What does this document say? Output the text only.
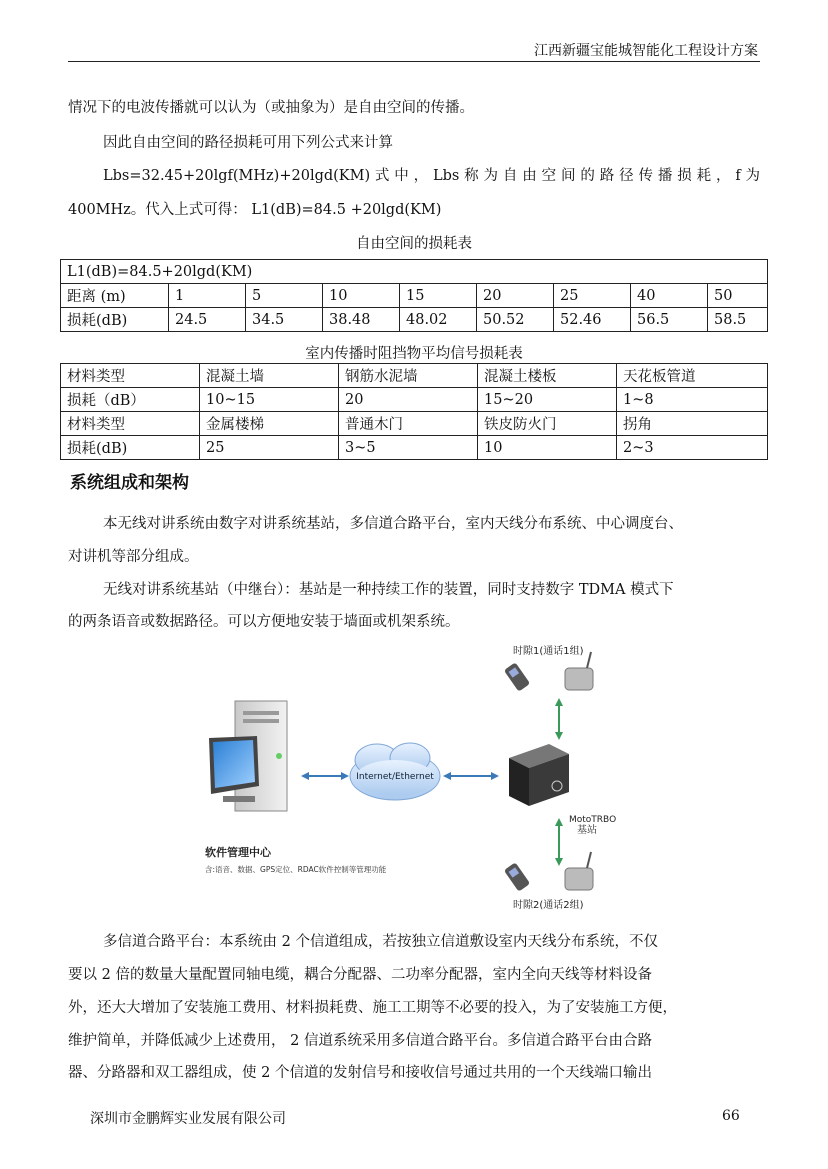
江西新疆宝能城智能化工程设计方案
情况下的电波传播就可以认为（或抽象为）是自由空间的传播。
因此自由空间的路径损耗可用下列公式来计算
Lbs=32.45+20lgf(MHz)+20lgd(KM) 式 中 ， Lbs 称 为 自 由 空 间 的 路 径 传 播 损 耗 ， f 为
400MHz。代入上式可得： L1(dB)=84.5 +20lgd(KM)
自由空间的损耗表
L1(dB)=84.5+20lgd(KM)								
距离 (m)	1	5	10	15	20	25	40	50
损耗(dB)	24.5	34.5	38.48	48.02	50.52	52.46	56.5	58.5
室内传播时阻挡物平均信号损耗表
材料类型	混凝土墙	钢筋水泥墙	混凝土楼板	天花板管道
损耗（dB）	10~15	20	15~20	1~8
材料类型	金属楼梯	普通木门	铁皮防火门	拐角
损耗(dB)	25	3~5	10	2~3
系统组成和架构
本无线对讲系统由数字对讲系统基站，多信道合路平台，室内天线分布系统、中心调度台、
对讲机等部分组成。
无线对讲系统基站（中继台）：基站是一种持续工作的装置，同时支持数字 TDMA 模式下
的两条语音或数据路径。可以方便地安装于墙面或机架系统。
时隙1(通话1组)
Internet/Ethernet
MotoTRBO
基站
时隙2(通话2组)
软件管理中心
含:语音、数据、GPS定位、RDAC软件控制等管理功能
多信道合路平台：本系统由 2 个信道组成，若按独立信道敷设室内天线分布系统，不仅
要以 2 倍的数量大量配置同轴电缆，耦合分配器、二功率分配器，室内全向天线等材料设备
外，还大大增加了安装施工费用、材料损耗费、施工工期等不必要的投入，为了安装施工方便，
维护简单，并降低减少上述费用， 2 信道系统采用多信道合路平台。多信道合路平台由合路
器、分路器和双工器组成，使 2 个信道的发射信号和接收信号通过共用的一个天线端口输出
深圳市金鹏辉实业发展有限公司	66
